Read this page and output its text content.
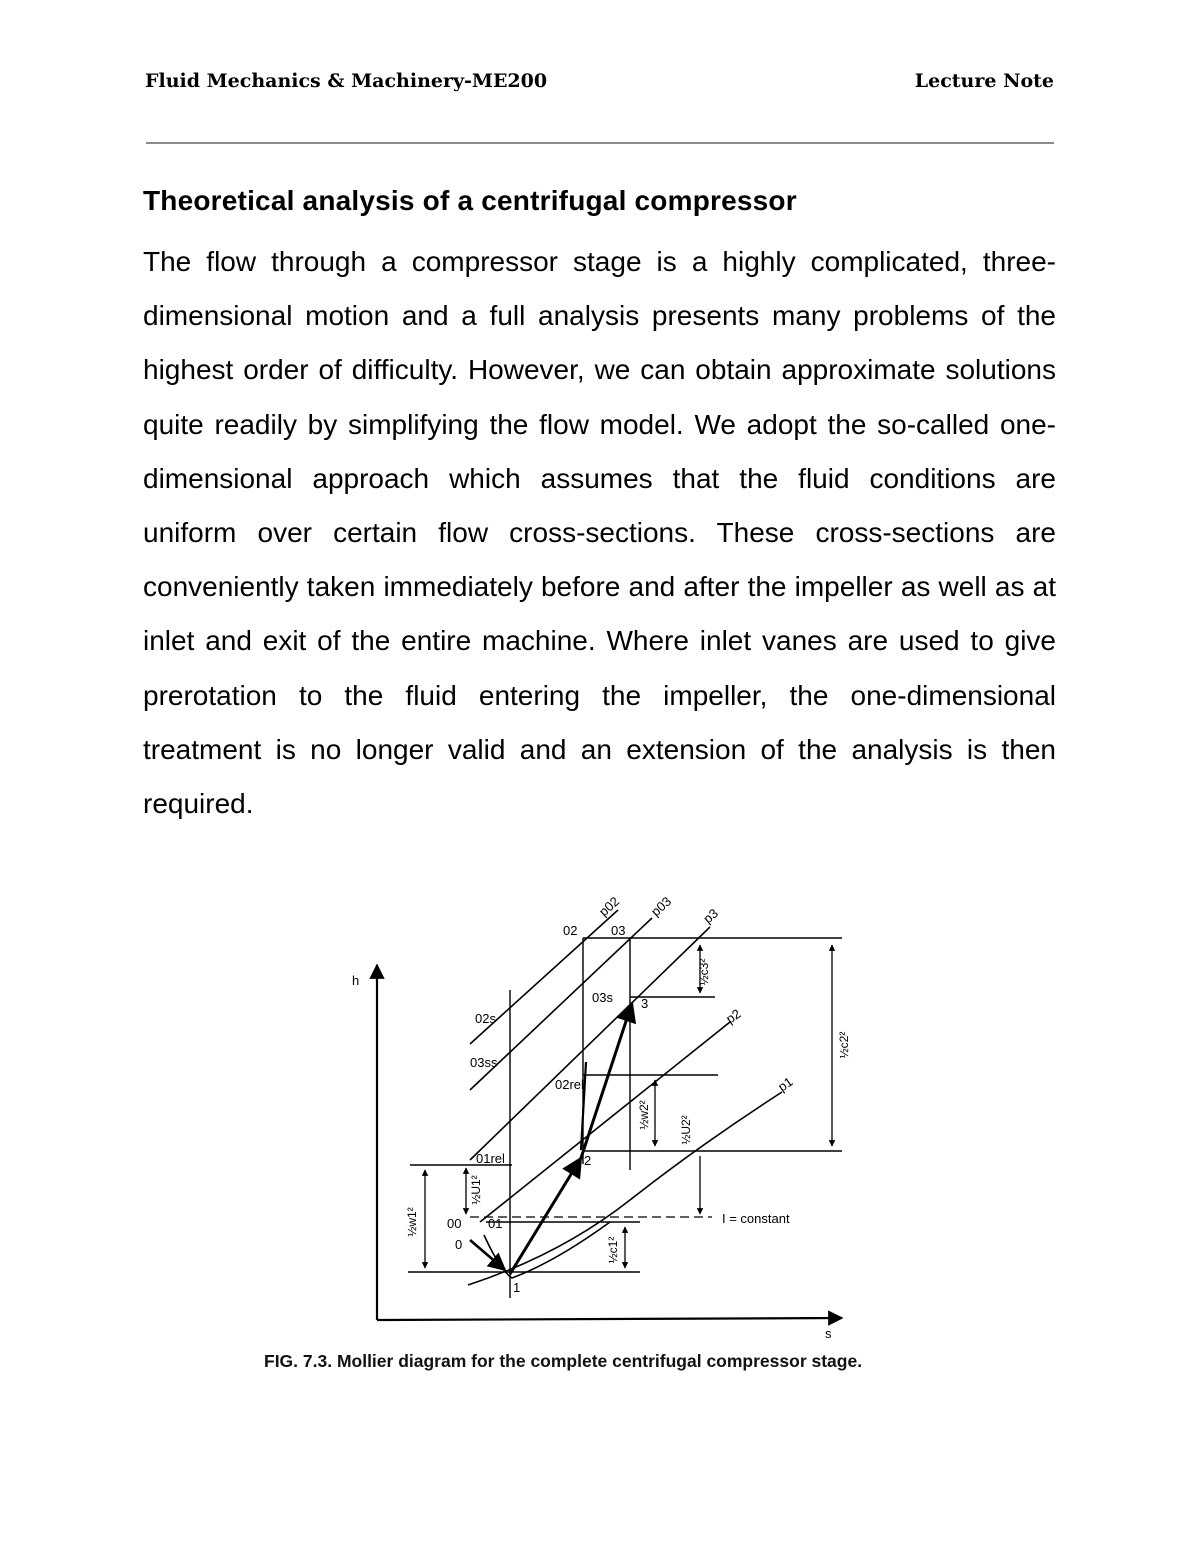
Fluid Mechanics & Machinery-ME200	Lecture Note
Theoretical analysis of a centrifugal compressor

The flow through a compressor stage is a highly complicated, three-dimensional motion and a full analysis presents many problems of the highest order of difficulty. However, we can obtain approximate solutions quite readily by simplifying the flow model. We adopt the so-called one-dimensional approach which assumes that the fluid conditions are uniform over certain flow cross-sections. These cross-sections are conveniently taken immediately before and after the impeller as well as at inlet and exit of the entire machine. Where inlet vanes are used to give prerotation to the fluid entering the impeller, the one-dimensional treatment is no longer valid and an extension of the analysis is then required.

h
s
p02 p03 p3
p2
p1
I = constant
02	03
03s 3
02s
03ss
02rel
01rel	2
00 01
0
1
½c3²
½c2²
½w2²
½U2²
½U1²
½w1²
½c1²

FIG. 7.3. Mollier diagram for the complete centrifugal compressor stage.
